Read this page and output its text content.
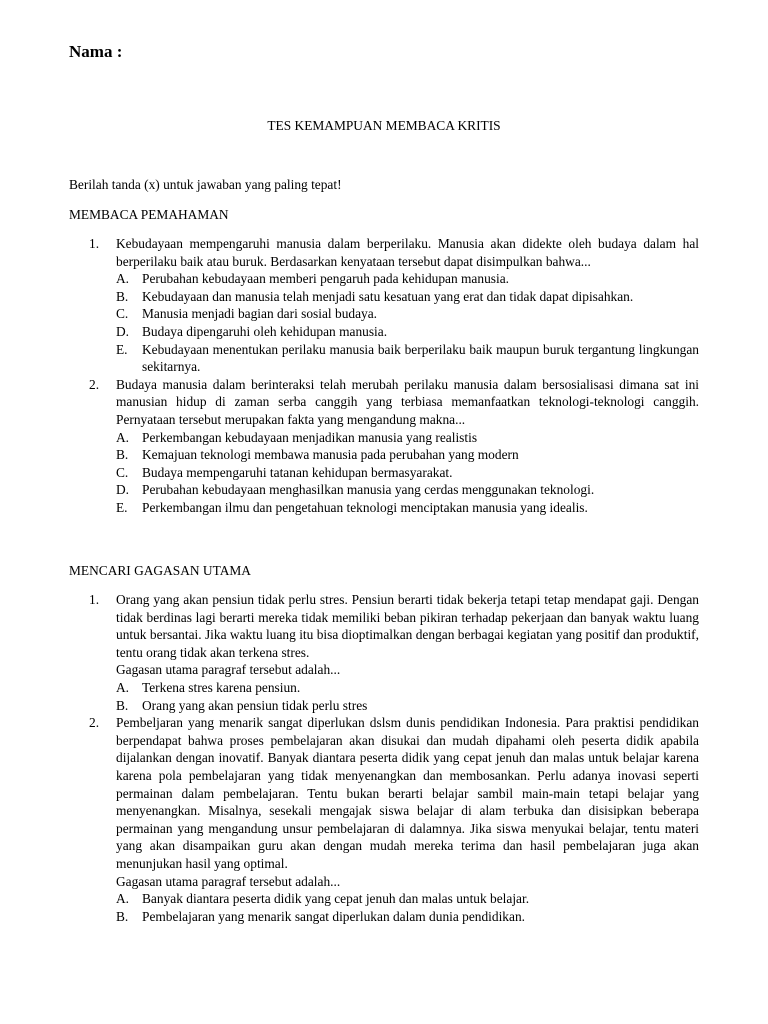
Nama :
TES KEMAMPUAN MEMBACA KRITIS
Berilah tanda (x) untuk jawaban yang paling tepat!
MEMBACA PEMAHAMAN
1. Kebudayaan mempengaruhi manusia dalam berperilaku. Manusia akan didekte oleh budaya dalam hal berperilaku baik atau buruk. Berdasarkan kenyataan tersebut dapat disimpulkan bahwa...
A. Perubahan kebudayaan memberi pengaruh pada kehidupan manusia.
B. Kebudayaan dan manusia telah menjadi satu kesatuan yang erat dan tidak dapat dipisahkan.
C. Manusia menjadi bagian dari sosial budaya.
D. Budaya dipengaruhi oleh kehidupan manusia.
E. Kebudayaan menentukan perilaku manusia baik berperilaku baik maupun buruk tergantung lingkungan sekitarnya.
2. Budaya manusia dalam berinteraksi telah merubah perilaku manusia dalam bersosialisasi dimana sat ini manusian hidup di zaman serba canggih yang terbiasa memanfaatkan teknologi-teknologi canggih. Pernyataan tersebut merupakan fakta yang mengandung makna...
A. Perkembangan kebudayaan menjadikan manusia yang realistis
B. Kemajuan teknologi membawa manusia pada perubahan yang modern
C. Budaya mempengaruhi tatanan kehidupan bermasyarakat.
D. Perubahan kebudayaan menghasilkan manusia yang cerdas menggunakan teknologi.
E. Perkembangan ilmu dan pengetahuan teknologi menciptakan manusia yang idealis.
MENCARI GAGASAN UTAMA
1. Orang yang akan pensiun tidak perlu stres. Pensiun berarti tidak bekerja tetapi tetap mendapat gaji. Dengan tidak berdinas lagi berarti mereka tidak memiliki beban pikiran terhadap pekerjaan dan banyak waktu luang untuk bersantai. Jika waktu luang itu bisa dioptimalkan dengan berbagai kegiatan yang positif dan produktif, tentu orang tidak akan terkena stres.
Gagasan utama paragraf tersebut adalah...
A. Terkena stres karena pensiun.
B. Orang yang akan pensiun tidak perlu stres
2. Pembeljaran yang menarik sangat diperlukan dslsm dunis pendidikan Indonesia. Para praktisi pendidikan berpendapat bahwa proses pembelajaran akan disukai dan mudah dipahami oleh peserta didik apabila dijalankan dengan inovatif. Banyak diantara peserta didik yang cepat jenuh dan malas untuk belajar karena karena pola pembelajaran yang tidak menyenangkan dan membosankan. Perlu adanya inovasi seperti permainan dalam pembelajaran. Tentu bukan berarti belajar sambil main-main tetapi belajar yang menyenangkan. Misalnya, sesekali mengajak siswa belajar di alam terbuka dan disisipkan beberapa permainan yang mengandung unsur pembelajaran di dalamnya. Jika siswa menyukai belajar, tentu materi yang akan disampaikan guru akan dengan mudah mereka terima dan hasil pembelajaran juga akan menunjukan hasil yang optimal.
Gagasan utama paragraf tersebut adalah...
A. Banyak diantara peserta didik yang cepat jenuh dan malas untuk belajar.
B. Pembelajaran yang menarik sangat diperlukan dalam dunia pendidikan.
